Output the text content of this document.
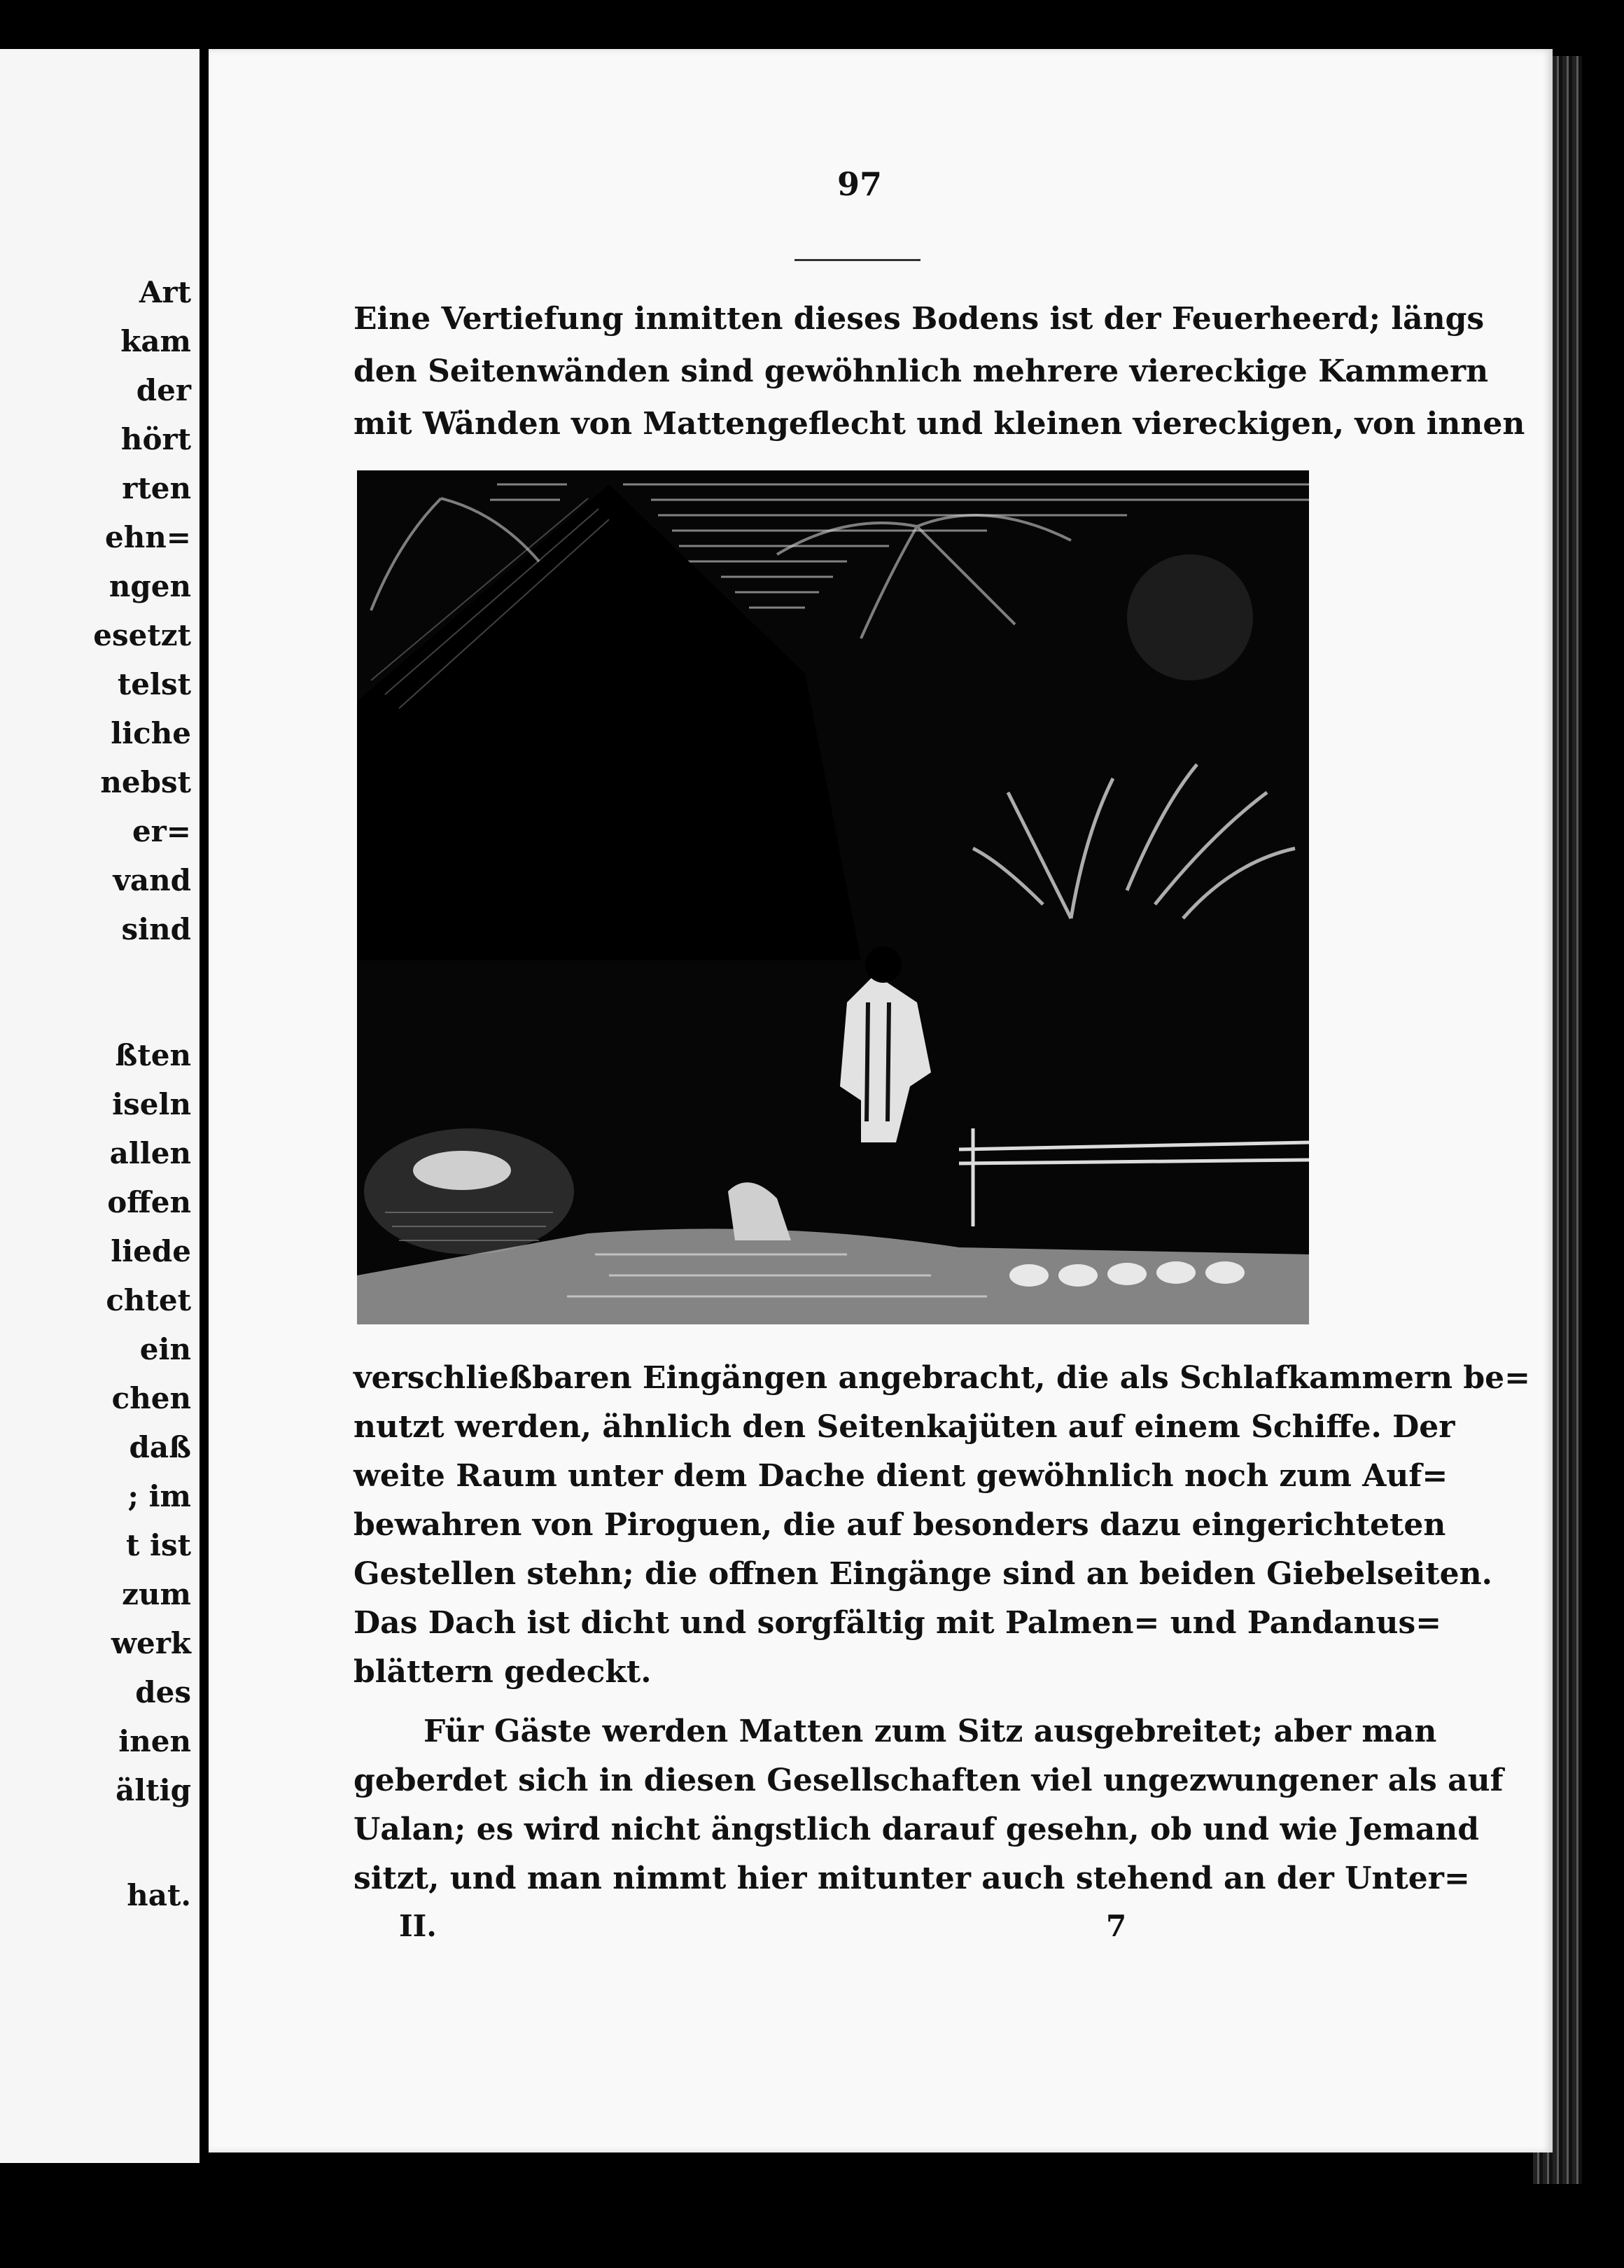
Art
kam
der
hört
rten
ehn=
ngen
esetzt
telst
liche
nebst
er=
vand
sind
ßten
iseln
allen
offen
liede
chtet
ein
chen
daß
; im
t ist
zum
werk
des
inen
ältig
hat.
97
Eine Vertiefung inmitten dieses Bodens ist der Feuerheerd; längs
den Seitenwänden sind gewöhnlich mehrere viereckige Kammern
mit Wänden von Mattengeflecht und kleinen viereckigen, von innen
verschließbaren Eingängen angebracht, die als Schlafkammern be=
nutzt werden, ähnlich den Seitenkajüten auf einem Schiffe. Der
weite Raum unter dem Dache dient gewöhnlich noch zum Auf=
bewahren von Piroguen, die auf besonders dazu eingerichteten
Gestellen stehn; die offnen Eingänge sind an beiden Giebelseiten.
Das Dach ist dicht und sorgfältig mit Palmen= und Pandanus=
blättern gedeckt.
Für Gäste werden Matten zum Sitz ausgebreitet; aber man
geberdet sich in diesen Gesellschaften viel ungezwungener als auf
Ualan; es wird nicht ängstlich darauf gesehn, ob und wie Jemand
sitzt, und man nimmt hier mitunter auch stehend an der Unter=
II.	7
